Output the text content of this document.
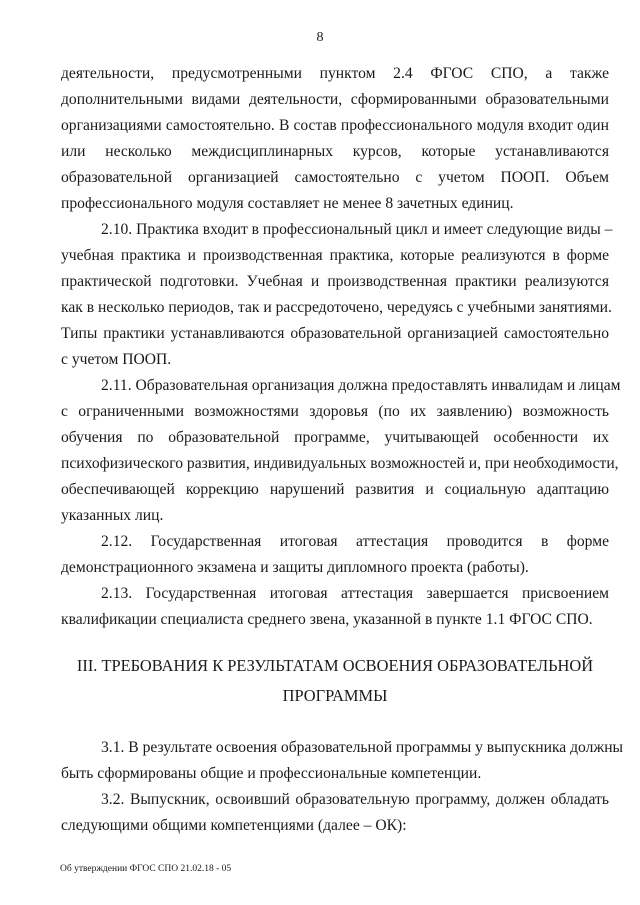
8
деятельности, предусмотренными пунктом 2.4 ФГОС СПО, а также
дополнительными видами деятельности, сформированными образовательными
организациями самостоятельно. В состав профессионального модуля входит один
или несколько междисциплинарных курсов, которые устанавливаются
образовательной организацией самостоятельно с учетом ПООП. Объем
профессионального модуля составляет не менее 8 зачетных единиц.
2.10. Практика входит в профессиональный цикл и имеет следующие виды –
учебная практика и производственная практика, которые реализуются в форме
практической подготовки. Учебная и производственная практики реализуются
как в несколько периодов, так и рассредоточено, чередуясь с учебными занятиями.
Типы практики устанавливаются образовательной организацией самостоятельно
с учетом ПООП.
2.11. Образовательная организация должна предоставлять инвалидам и лицам
с ограниченными возможностями здоровья (по их заявлению) возможность
обучения по образовательной программе, учитывающей особенности их
психофизического развития, индивидуальных возможностей и, при необходимости,
обеспечивающей коррекцию нарушений развития и социальную адаптацию
указанных лиц.
2.12. Государственная итоговая аттестация проводится в форме
демонстрационного экзамена и защиты дипломного проекта (работы).
2.13. Государственная итоговая аттестация завершается присвоением
квалификации специалиста среднего звена, указанной в пункте 1.1 ФГОС СПО.
III. ТРЕБОВАНИЯ К РЕЗУЛЬТАТАМ ОСВОЕНИЯ ОБРАЗОВАТЕЛЬНОЙ
ПРОГРАММЫ
3.1. В результате освоения образовательной программы у выпускника должны
быть сформированы общие и профессиональные компетенции.
3.2. Выпускник, освоивший образовательную программу, должен обладать
следующими общими компетенциями (далее – ОК):
Об утверждении ФГОС СПО 21.02.18 - 05
